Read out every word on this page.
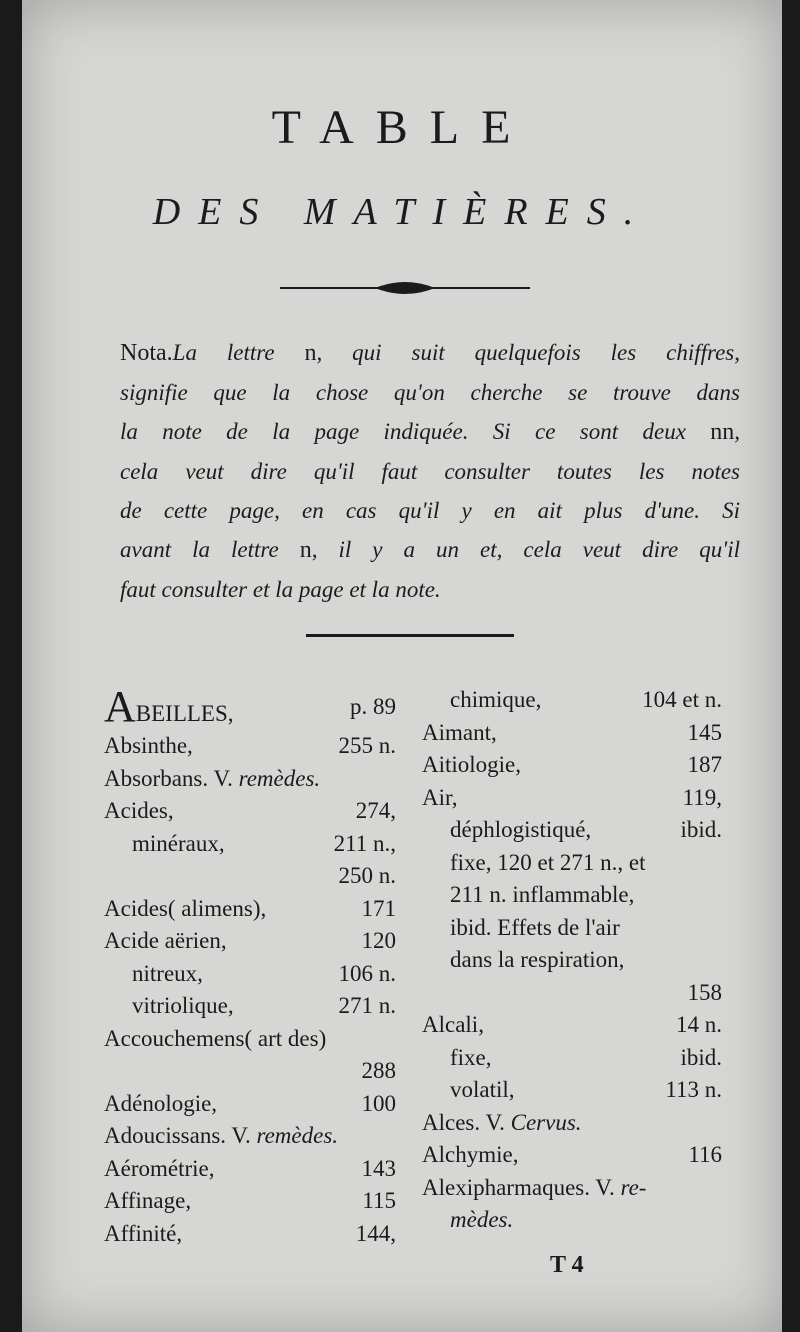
TABLE
DES MATIÈRES.
Nota.La lettre n, qui suit quelquefois les chiffres,
signifie que la chose qu'on cherche se trouve dans
la note de la page indiquée. Si ce sont deux nn,
cela veut dire qu'il faut consulter toutes les notes
de cette page, en cas qu'il y en ait plus d'une. Si
avant la lettre n, il y a un et, cela veut dire qu'il
faut consulter et la page et la note.
ABEILLES,	p. 89
Absinthe,	255 n.
Absorbans. V. remèdes.
Acides,	274,
minéraux,	211 n.,
250 n.
Acides( alimens),	171
Acide aërien,	120
nitreux,	106 n.
vitriolique,	271 n.
Accouchemens( art des)
288
Adénologie,	100
Adoucissans. V. remèdes.
Aérométrie,	143
Affinage,	115
Affinité,	144,
chimique,	104 et n.
Aimant,	145
Aitiologie,	187
Air,	119,
déphlogistiqué,	ibid.
fixe, 120 et 271 n., et
211 n. inflammable,
ibid. Effets de l'air
dans la respiration,
158
Alcali,	14 n.
fixe,	ibid.
volatil,	113 n.
Alces. V. Cervus.
Alchymie,	116
Alexipharmaques. V. re-
mèdes.
T 4
